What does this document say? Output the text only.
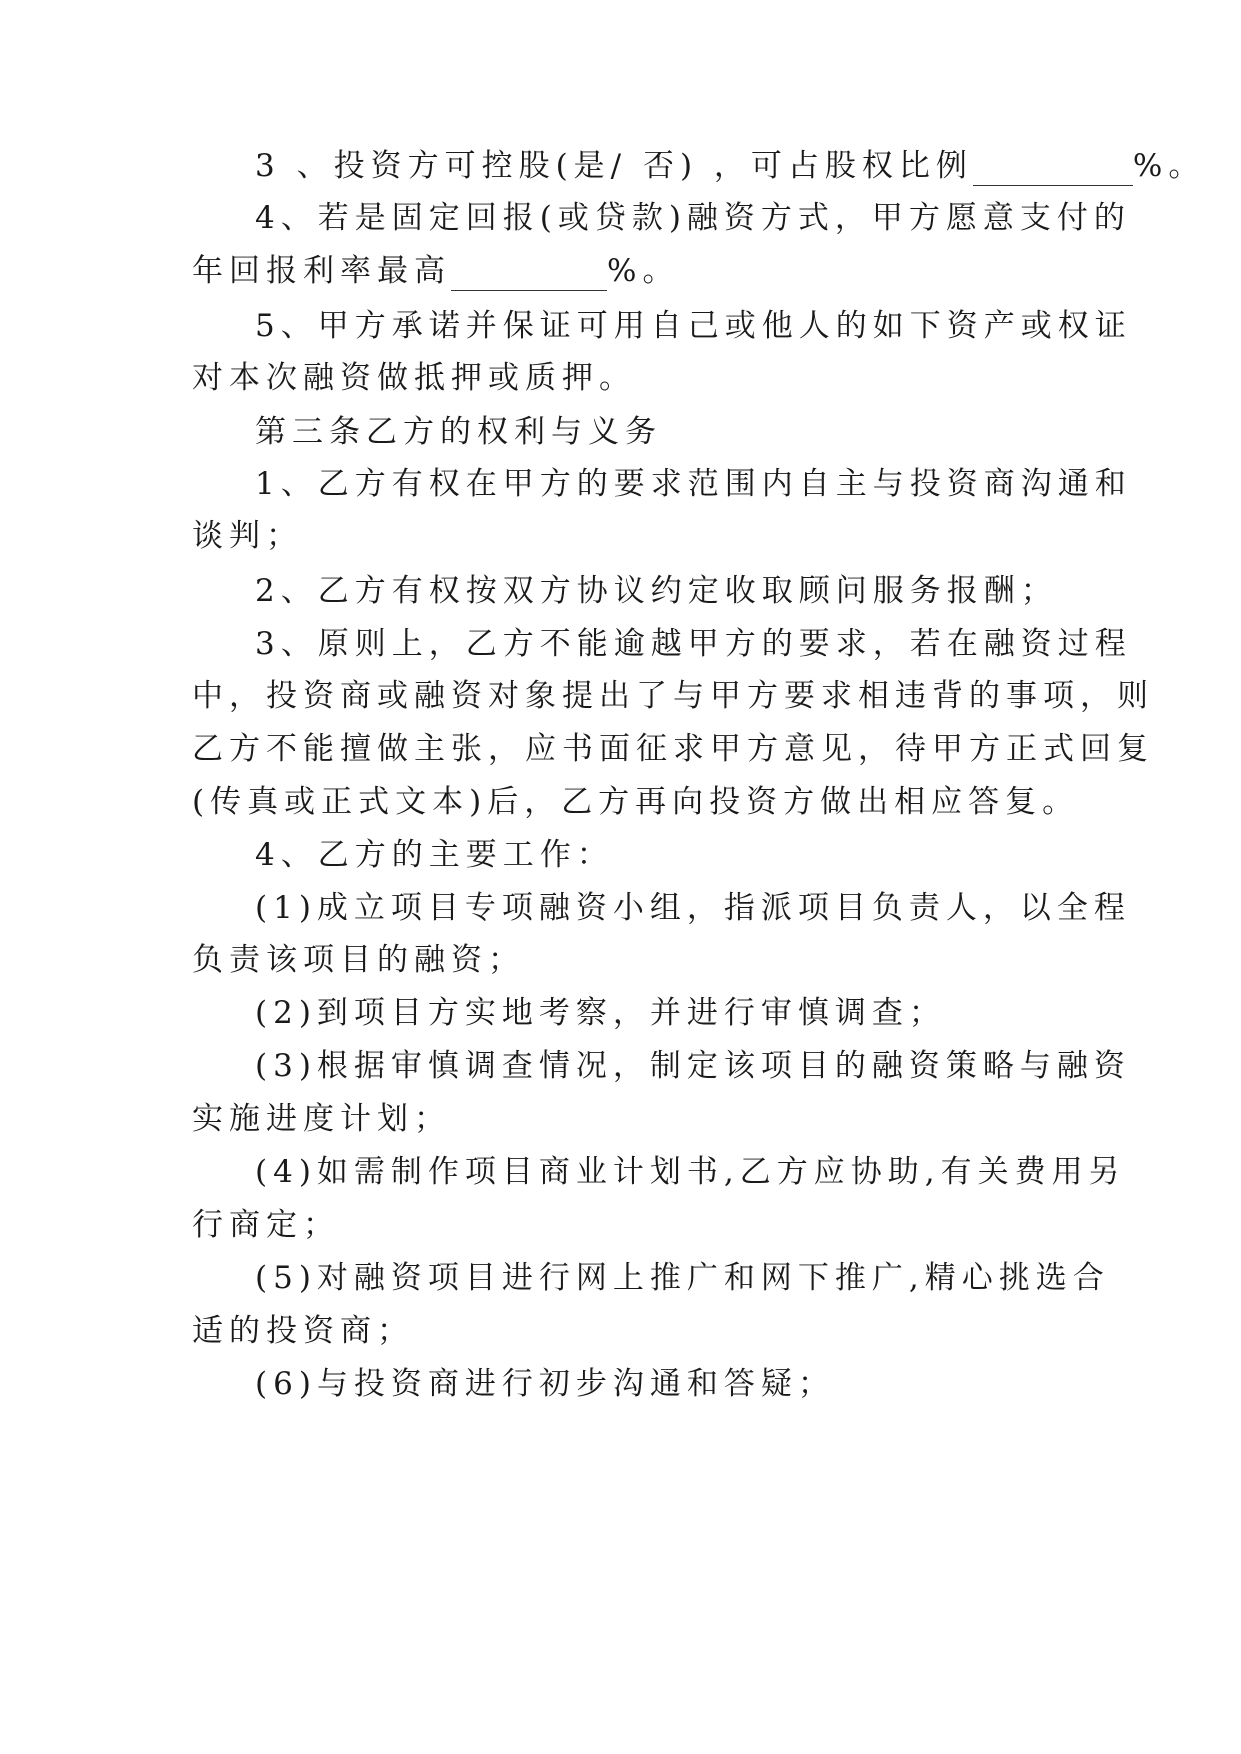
3 、投资方可控股(是/ 否) ，可占股权比例	%。
4、若是固定回报(或贷款)融资方式，甲方愿意支付的
年回报利率最高	%。
5、甲方承诺并保证可用自己或他人的如下资产或权证
对本次融资做抵押或质押。
第三条乙方的权利与义务
1、乙方有权在甲方的要求范围内自主与投资商沟通和
谈判；
2、乙方有权按双方协议约定收取顾问服务报酬；
3、原则上，乙方不能逾越甲方的要求，若在融资过程
中，投资商或融资对象提出了与甲方要求相违背的事项，则
乙方不能擅做主张，应书面征求甲方意见，待甲方正式回复
(传真或正式文本)后，乙方再向投资方做出相应答复。
4、乙方的主要工作：
(1)成立项目专项融资小组，指派项目负责人，以全程
负责该项目的融资；
(2)到项目方实地考察，并进行审慎调查；
(3)根据审慎调查情况，制定该项目的融资策略与融资
实施进度计划；
(4)如需制作项目商业计划书,乙方应协助,有关费用另
行商定；
(5)对融资项目进行网上推广和网下推广,精心挑选合
适的投资商；
(6)与投资商进行初步沟通和答疑；
